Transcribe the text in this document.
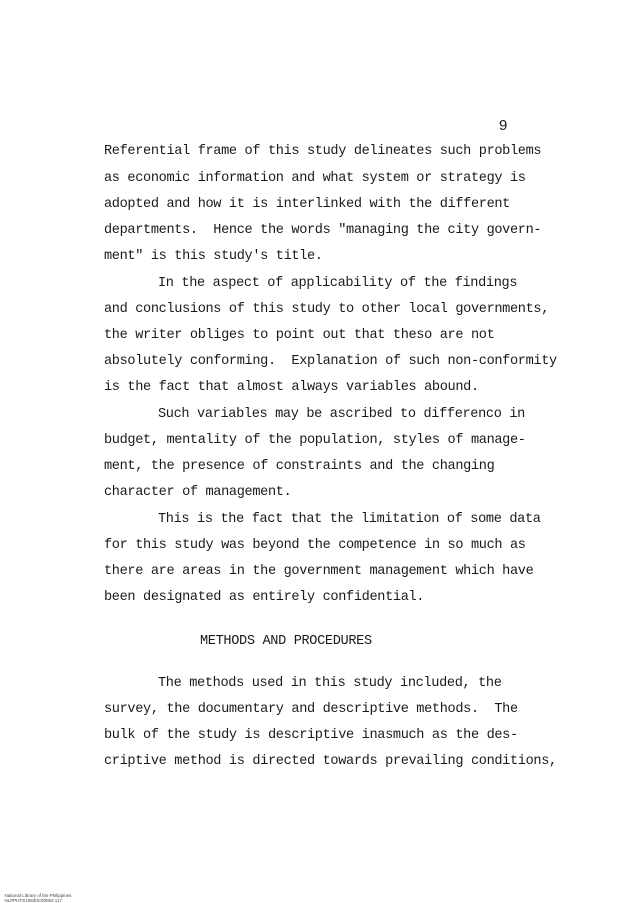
9
Referential frame of this study delineates such problems
as economic information and what system or strategy is
adopted and how it is interlinked with the different
departments.  Hence the words "managing the city govern-
ment" is this study's title.
In the aspect of applicability of the findings
and conclusions of this study to other local governments,
the writer obliges to point out that theso are not
absolutely conforming.  Explanation of such non-conformity
is the fact that almost always variables abound.
Such variables may be ascribed to differenco in
budget, mentality of the population, styles of manage-
ment, the presence of constraints and the changing
character of management.
This is the fact that the limitation of some data
for this study was beyond the competence in so much as
there are areas in the government management which have
been designated as entirely confidential.
METHODS AND PROCEDURES
The methods used in this study included, the
survey, the documentary and descriptive methods.  The
bulk of the study is descriptive inasmuch as the des-
criptive method is directed towards prevailing conditions,

National Library of the Philippines
NLPPHTS19830C00053 117
